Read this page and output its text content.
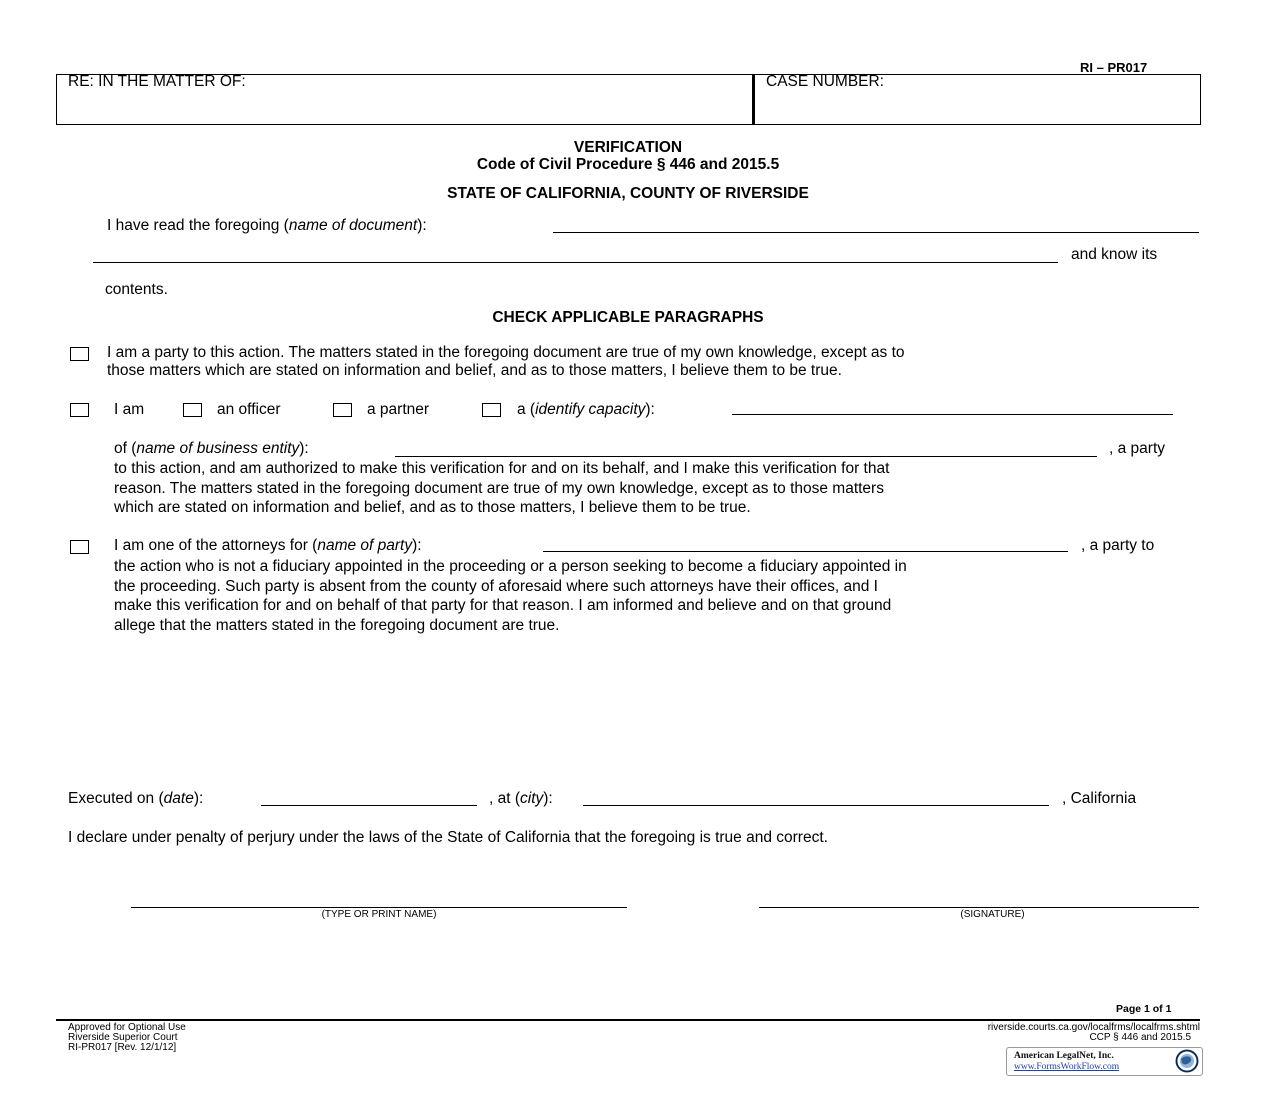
RI – PR017
RE: IN THE MATTER OF:	CASE NUMBER:
VERIFICATION
Code of Civil Procedure § 446 and 2015.5
STATE OF CALIFORNIA, COUNTY OF RIVERSIDE
I have read the foregoing (name of document):
and know its
contents.
CHECK APPLICABLE PARAGRAPHS
I am a party to this action. The matters stated in the foregoing document are true of my own knowledge, except as to
those matters which are stated on information and belief, and as to those matters, I believe them to be true.
I am	an officer	a partner	a (identify capacity):
of (name of business entity):	, a party
to this action, and am authorized to make this verification for and on its behalf, and I make this verification for that
reason. The matters stated in the foregoing document are true of my own knowledge, except as to those matters
which are stated on information and belief, and as to those matters, I believe them to be true.
I am one of the attorneys for (name of party):	, a party to
the action who is not a fiduciary appointed in the proceeding or a person seeking to become a fiduciary appointed in
the proceeding. Such party is absent from the county of aforesaid where such attorneys have their offices, and I
make this verification for and on behalf of that party for that reason. I am informed and believe and on that ground
allege that the matters stated in the foregoing document are true.
Executed on (date):	, at (city):	, California
I declare under penalty of perjury under the laws of the State of California that the foregoing is true and correct.
(TYPE OR PRINT NAME)	(SIGNATURE)
Page 1 of 1
Approved for Optional Use
Riverside Superior Court
RI-PR017 [Rev. 12/1/12]
riverside.courts.ca.gov/localfrms/localfrms.shtml
CCP § 446 and 2015.5
American LegalNet, Inc.
www.FormsWorkFlow.com
